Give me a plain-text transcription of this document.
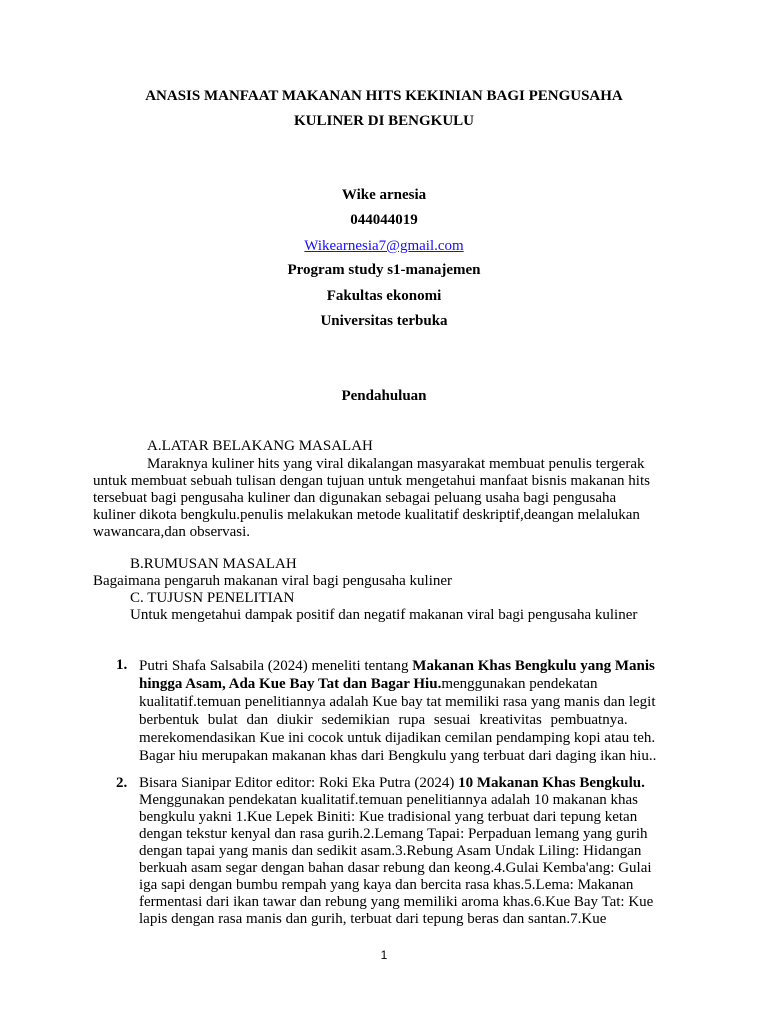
ANASIS MANFAAT MAKANAN HITS KEKINIAN BAGI PENGUSAHA
KULINER DI BENGKULU
Wike arnesia
044044019
Wikearnesia7@gmail.com
Program study s1-manajemen
Fakultas ekonomi
Universitas terbuka
Pendahuluan
A.LATAR BELAKANG MASALAH
Maraknya kuliner hits yang viral dikalangan masyarakat membuat penulis tergerak
untuk membuat sebuah tulisan dengan tujuan untuk mengetahui manfaat bisnis makanan hits
tersebuat bagi pengusaha kuliner dan digunakan sebagai peluang usaha bagi pengusaha
kuliner dikota bengkulu.penulis melakukan metode kualitatif deskriptif,deangan melalukan
wawancara,dan observasi.
B.RUMUSAN MASALAH
Bagaimana pengaruh makanan viral bagi pengusaha kuliner
C. TUJUSN PENELITIAN
Untuk mengetahui dampak positif dan negatif makanan viral bagi pengusaha kuliner
1. Putri Shafa Salsabila (2024) meneliti tentang Makanan Khas Bengkulu yang Manis
hingga Asam, Ada Kue Bay Tat dan Bagar Hiu.menggunakan pendekatan
kualitatif.temuan penelitiannya adalah Kue bay tat memiliki rasa yang manis dan legit
berbentuk bulat dan diukir sedemikian rupa sesuai kreativitas pembuatnya.
merekomendasikan Kue ini cocok untuk dijadikan cemilan pendamping kopi atau teh.
Bagar hiu merupakan makanan khas dari Bengkulu yang terbuat dari daging ikan hiu..
2. Bisara Sianipar Editor editor: Roki Eka Putra (2024) 10 Makanan Khas Bengkulu.
Menggunakan pendekatan kualitatif.temuan penelitiannya adalah 10 makanan khas
bengkulu yakni 1.Kue Lepek Biniti: Kue tradisional yang terbuat dari tepung ketan
dengan tekstur kenyal dan rasa gurih.2.Lemang Tapai: Perpaduan lemang yang gurih
dengan tapai yang manis dan sedikit asam.3.Rebung Asam Undak Liling: Hidangan
berkuah asam segar dengan bahan dasar rebung dan keong.4.Gulai Kemba'ang: Gulai
iga sapi dengan bumbu rempah yang kaya dan bercita rasa khas.5.Lema: Makanan
fermentasi dari ikan tawar dan rebung yang memiliki aroma khas.6.Kue Bay Tat: Kue
lapis dengan rasa manis dan gurih, terbuat dari tepung beras dan santan.7.Kue
1
